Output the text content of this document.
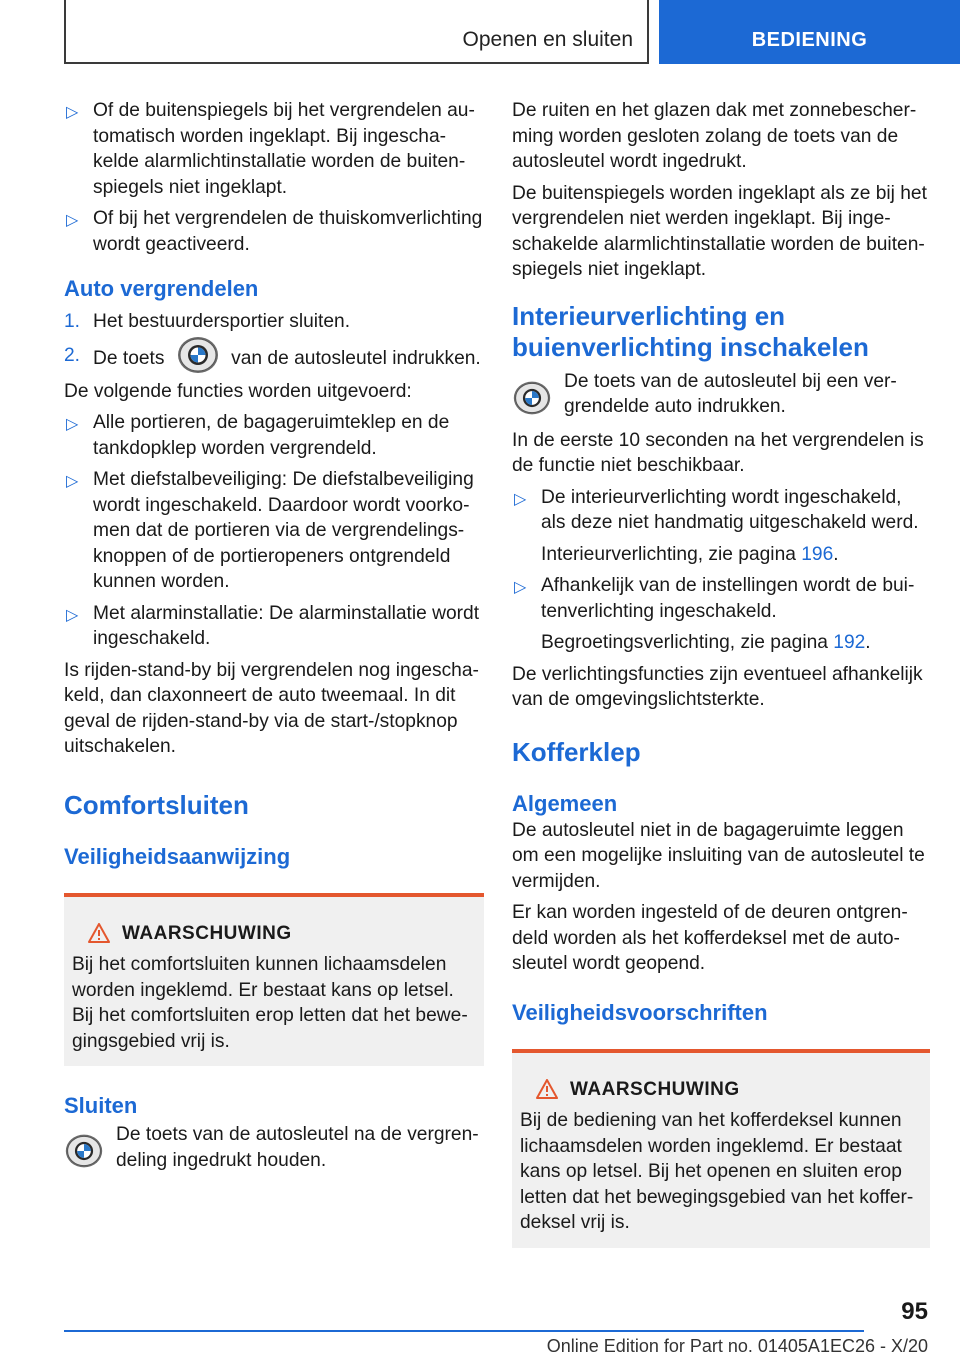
Openen en sluiten	BEDIENING
▷ Of de buitenspiegels bij het vergrendelen automatisch worden ingeklapt. Bij ingeschakelde alarmlichtinstallatie worden de buitenspiegels niet ingeklapt.
▷ Of bij het vergrendelen de thuiskomverlichting wordt geactiveerd.
Auto vergrendelen
1. Het bestuurdersportier sluiten.
2. De toets	van de autosleutel indrukken.

De volgende functies worden uitgevoerd:

▷ Alle portieren, de bagageruimteklep en de tankdopklep worden vergrendeld.
▷ Met diefstalbeveiliging: De diefstalbeveiliging wordt ingeschakeld. Daardoor wordt voorkomen dat de portieren via de vergrendelingsknoppen of de portieropeners ontgrendeld kunnen worden.
▷ Met alarminstallatie: De alarminstallatie wordt ingeschakeld.

Is rijden-stand-by bij vergrendelen nog ingeschakeld, dan claxonneert de auto tweemaal. In dit geval de rijden-stand-by via de start-/stopknop uitschakelen.

Comfortsluiten
Veiligheidsaanwijzing
WAARSCHUWING

Bij het comfortsluiten kunnen lichaamsdelen worden ingeklemd. Er bestaat kans op letsel. Bij het comfortsluiten erop letten dat het bewegingsgebied vrij is.

Sluiten

De toets van de autosleutel na de vergrendeling ingedrukt houden.

De ruiten en het glazen dak met zonnebescherming worden gesloten zolang de toets van de autosleutel wordt ingedrukt.

De buitenspiegels worden ingeklapt als ze bij het vergrendelen niet werden ingeklapt. Bij ingeschakelde alarmlichtinstallatie worden de buitenspiegels niet ingeklapt.

Interieurverlichting en buienverlichting inschakelen

De toets van de autosleutel bij een vergrendelde auto indrukken.

In de eerste 10 seconden na het vergrendelen is de functie niet beschikbaar.

▷ De interieurverlichting wordt ingeschakeld, als deze niet handmatig uitgeschakeld werd.

Interieurverlichting, zie pagina 196.

▷ Afhankelijk van de instellingen wordt de buitenverlichting ingeschakeld.

Begroetingsverlichting, zie pagina 192.

De verlichtingsfuncties zijn eventueel afhankelijk van de omgevingslichtsterkte.

Kofferklep
Algemeen

De autosleutel niet in de bagageruimte leggen om een mogelijke insluiting van de autosleutel te vermijden.

Er kan worden ingesteld of de deuren ontgrendeld worden als het kofferdeksel met de autosleutel wordt geopend.

Veiligheidsvoorschriften
WAARSCHUWING

Bij de bediening van het kofferdeksel kunnen lichaamsdelen worden ingeklemd. Er bestaat kans op letsel. Bij het openen en sluiten erop letten dat het bewegingsgebied van het kofferdeksel vrij is.

95
Online Edition for Part no. 01405A1EC26 - X/20
